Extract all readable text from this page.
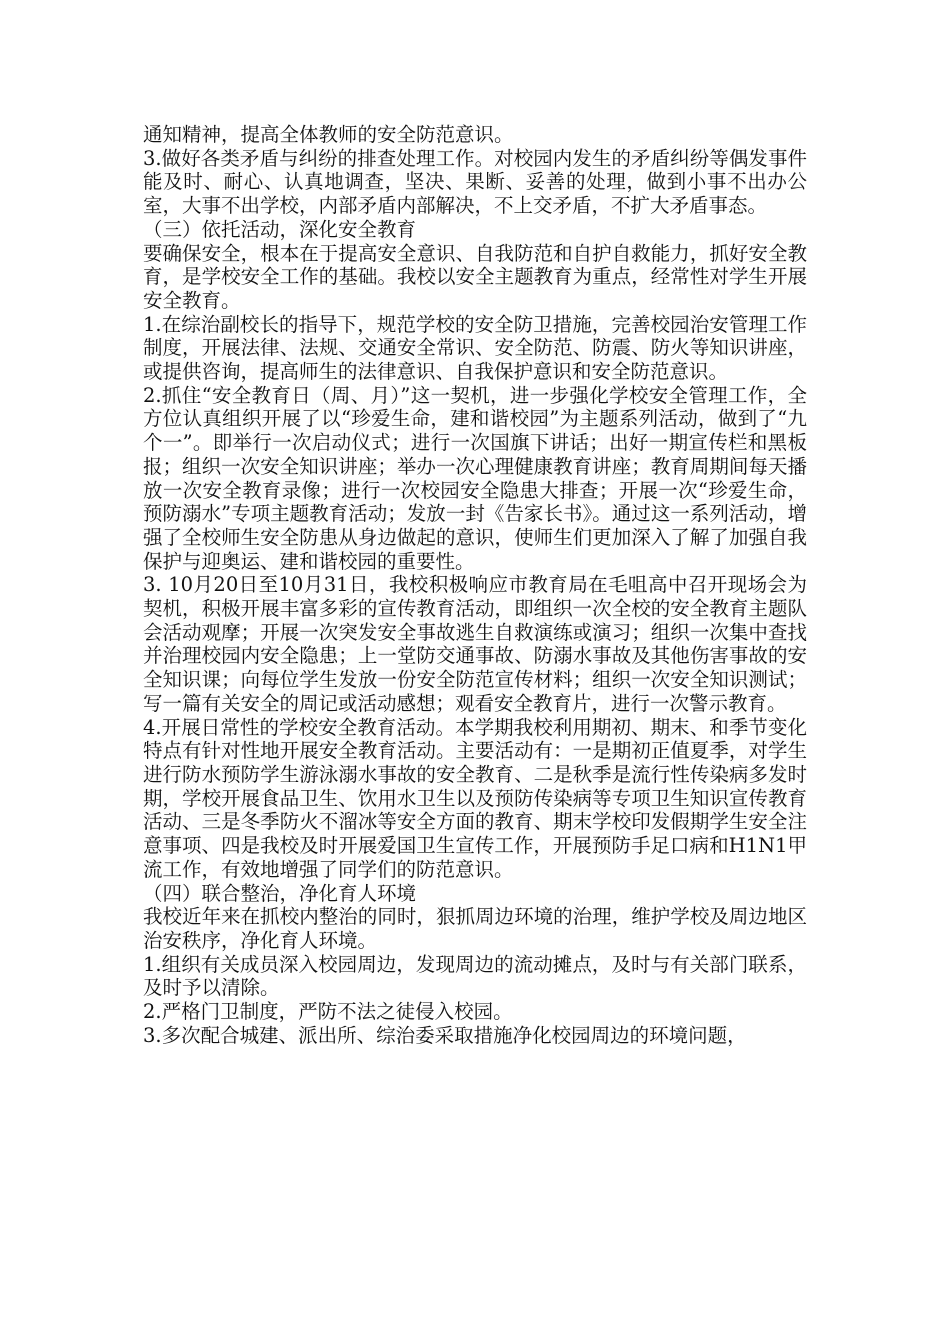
通知精神，提高全体教师的安全防范意识。

3.做好各类矛盾与纠纷的排查处理工作。对校园内发生的矛盾纠纷等偶发事件能及时、耐心、认真地调查，坚决、果断、妥善的处理，做到小事不出办公室，大事不出学校，内部矛盾内部解决，不上交矛盾，不扩大矛盾事态。

（三）依托活动，深化安全教育

要确保安全，根本在于提高安全意识、自我防范和自护自救能力，抓好安全教育，是学校安全工作的基础。我校以安全主题教育为重点，经常性对学生开展安全教育。

1.在综治副校长的指导下，规范学校的安全防卫措施，完善校园治安管理工作制度，开展法律、法规、交通安全常识、安全防范、防震、防火等知识讲座，或提供咨询，提高师生的法律意识、自我保护意识和安全防范意识。

2.抓住“安全教育日（周、月）”这一契机，进一步强化学校安全管理工作，全方位认真组织开展了以“珍爱生命，建和谐校园”为主题系列活动，做到了“九个一”。即举行一次启动仪式；进行一次国旗下讲话；出好一期宣传栏和黑板报；组织一次安全知识讲座；举办一次心理健康教育讲座；教育周期间每天播放一次安全教育录像；进行一次校园安全隐患大排查；开展一次“珍爱生命，预防溺水”专项主题教育活动；发放一封《告家长书》。通过这一系列活动，增强了全校师生安全防患从身边做起的意识，使师生们更加深入了解了加强自我保护与迎奥运、建和谐校园的重要性。

3. 10月20日至10月31日，我校积极响应市教育局在毛咀高中召开现场会为契机，积极开展丰富多彩的宣传教育活动，即组织一次全校的安全教育主题队会活动观摩；开展一次突发安全事故逃生自救演练或演习；组织一次集中查找并治理校园内安全隐患；上一堂防交通事故、防溺水事故及其他伤害事故的安全知识课；向每位学生发放一份安全防范宣传材料；组织一次安全知识测试；写一篇有关安全的周记或活动感想；观看安全教育片，进行一次警示教育。

4.开展日常性的学校安全教育活动。本学期我校利用期初、期末、和季节变化特点有针对性地开展安全教育活动。主要活动有：一是期初正值夏季，对学生进行防水预防学生游泳溺水事故的安全教育、二是秋季是流行性传染病多发时期，学校开展食品卫生、饮用水卫生以及预防传染病等专项卫生知识宣传教育活动、三是冬季防火不溜冰等安全方面的教育、期末学校印发假期学生安全注意事项、四是我校及时开展爱国卫生宣传工作，开展预防手足口病和H1N1甲流工作，有效地增强了同学们的防范意识。

（四）联合整治，净化育人环境

我校近年来在抓校内整治的同时，狠抓周边环境的治理，维护学校及周边地区治安秩序，净化育人环境。

1.组织有关成员深入校园周边，发现周边的流动摊点，及时与有关部门联系，及时予以清除。

2.严格门卫制度，严防不法之徒侵入校园。

3.多次配合城建、派出所、综治委采取措施净化校园周边的环境问题，
